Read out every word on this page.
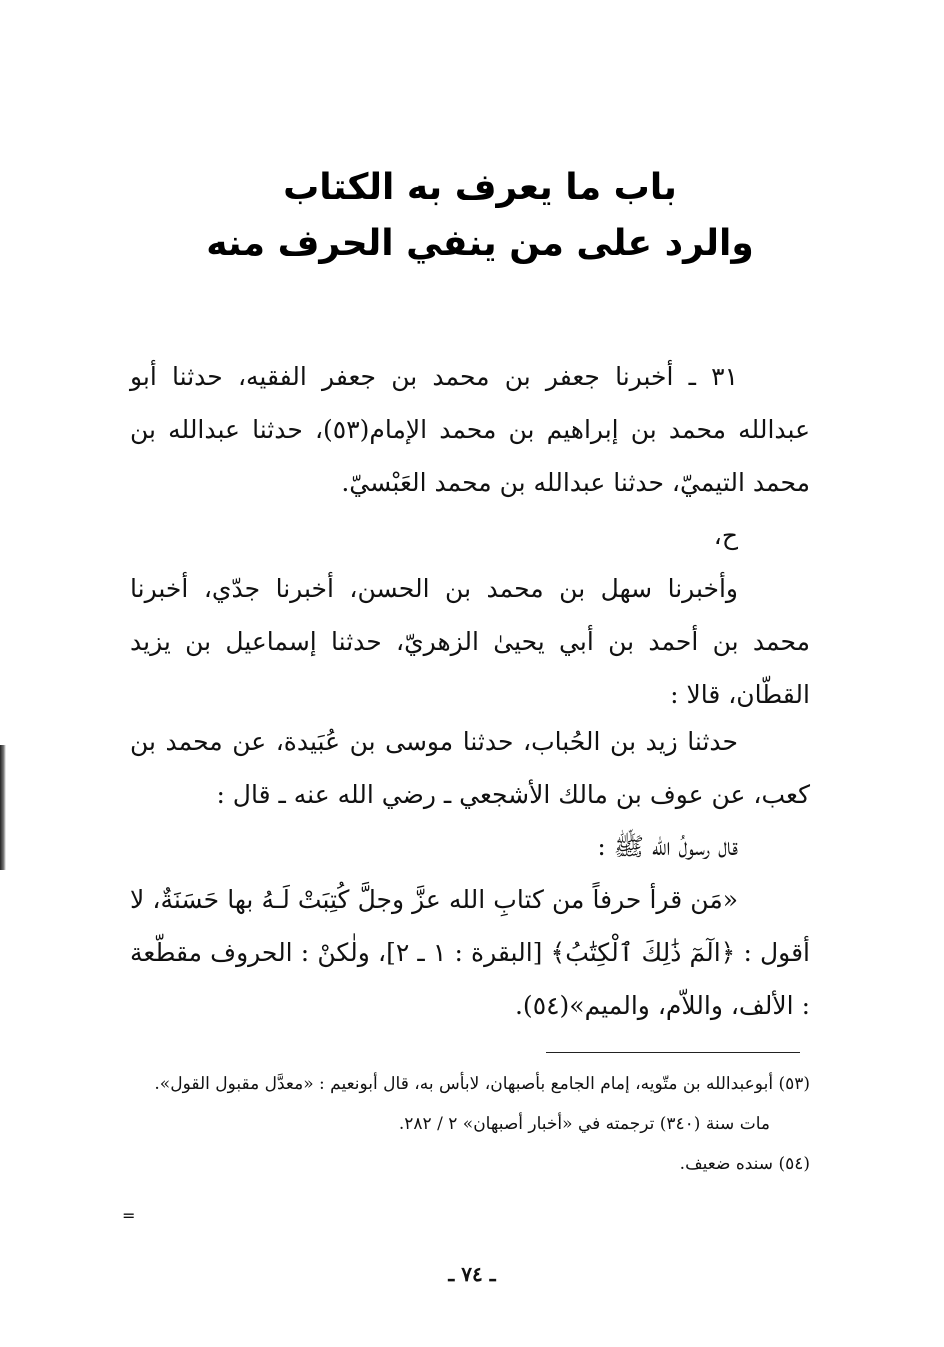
باب ما يعرف به الكتاب
والرد على من ينفي الحرف منه

٣١ ـ أخبرنا جعفر بن محمد بن جعفر الفقيه، حدثنا أبو عبدالله محمد بن إبراهيم بن محمد الإمام(٥٣)، حدثنا عبدالله بن محمد التيميّ، حدثنا عبدالله بن محمد العَبْسيّ.

ح،

وأخبرنا سهل بن محمد بن الحسن، أخبرنا جدّي، أخبرنا محمد بن أحمد بن أبي يحيىٰ الزهريّ، حدثنا إسماعيل بن يزيد القطّان، قالا :

حدثنا زيد بن الحُباب، حدثنا موسى بن عُبَيدة، عن محمد بن كعب، عن عوف بن مالك الأشجعي ـ رضي الله عنه ـ قال :

قال رسولُ الله ﷺ :

«مَن قرأ حرفاً من كتابِ الله عزَّ وجلَّ كُتِبَتْ لَـهُ بها حَسَنَةٌ، لا أقول : ﴿الٓمٓ ذَٰلِكَ ٱلْكِتَٰبُ﴾ [البقرة : ١ ـ ٢]، ولٰكنْ : الحروف مقطّعة : الألف، واللاّم، والميم»(٥٤).

(٥٣) أبوعبدالله بن متّويه، إمام الجامع بأصبهان، لابأس به، قال أبونعيم : «معدَّل مقبول القول».

مات سنة (٣٤٠) ترجمته في «أخبار أصبهان» ٢ / ٢٨٢.

(٥٤) سنده ضعيف.

=
ـ ٧٤ ـ
